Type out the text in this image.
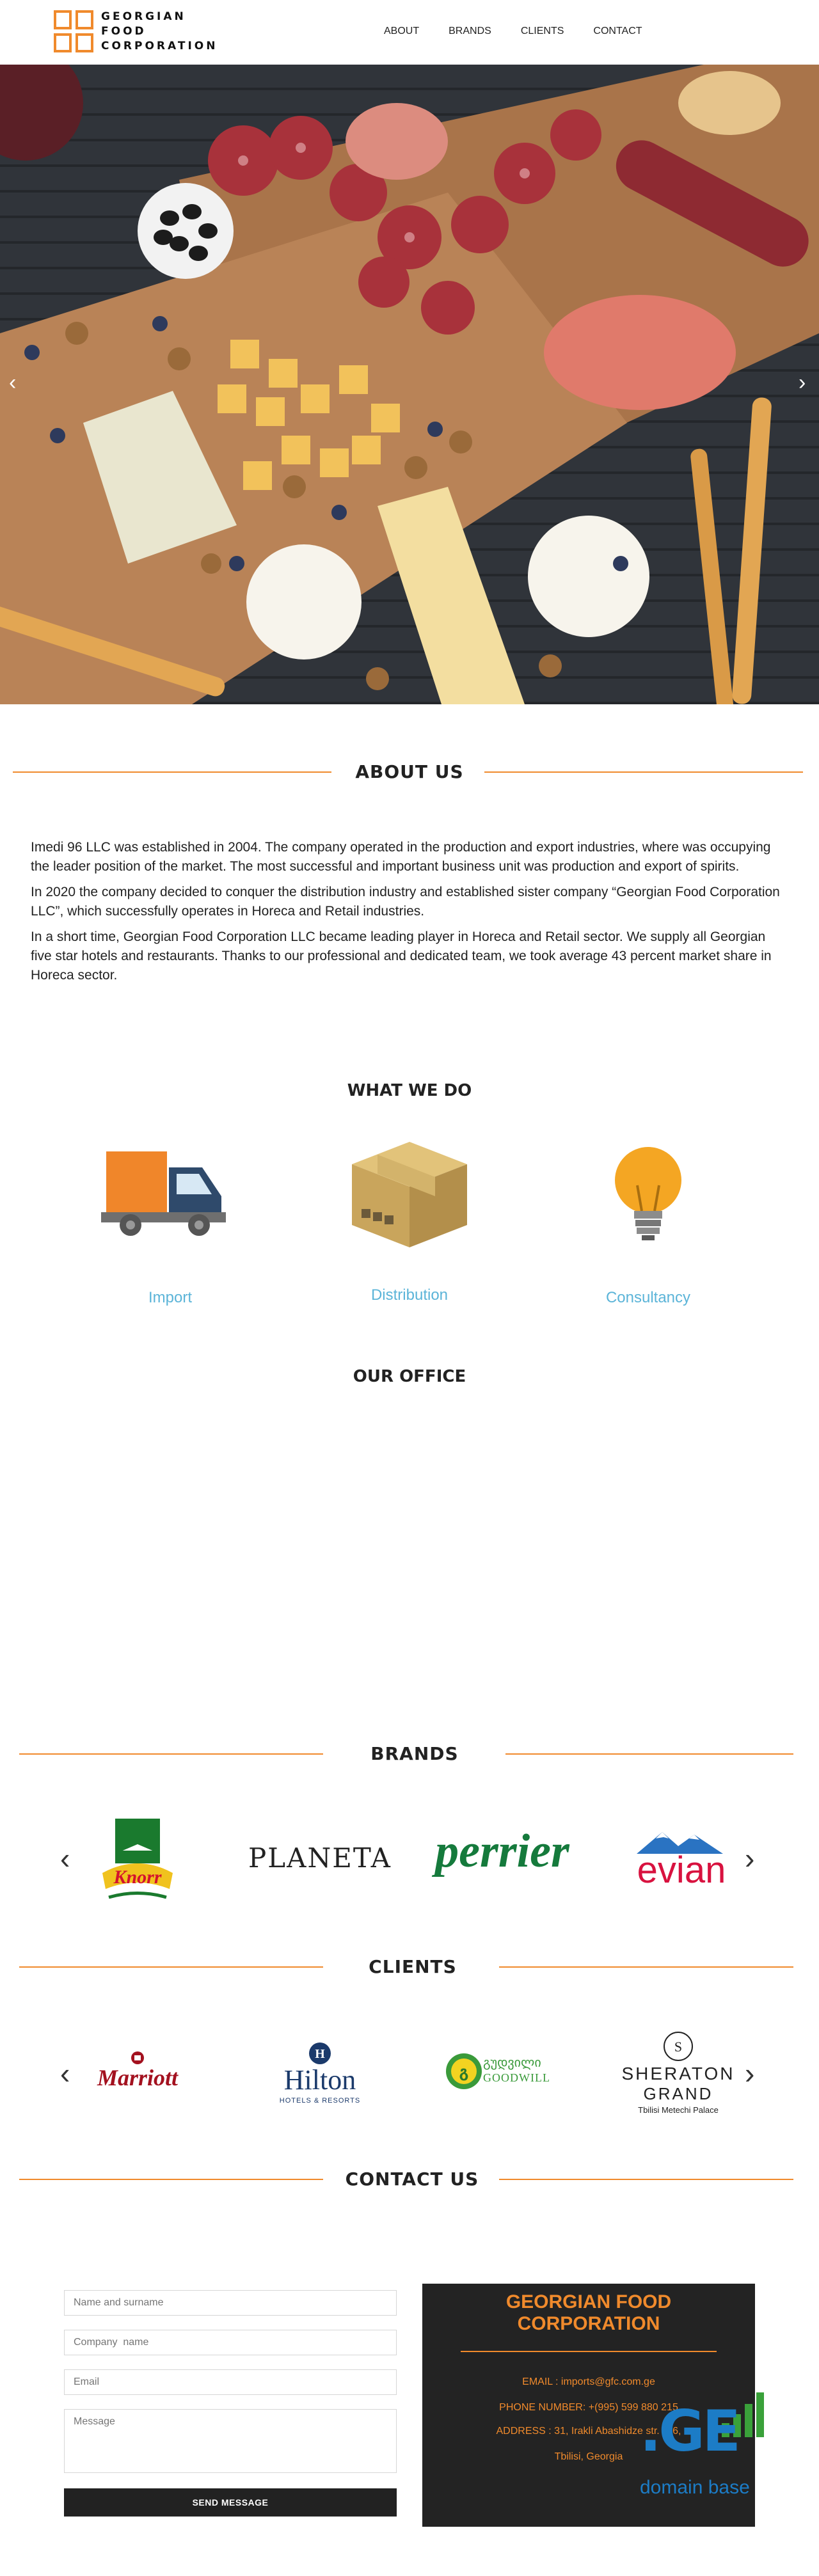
GEORGIAN
FOOD
CORPORATION
ABOUT	BRANDS	CLIENTS	CONTACT
‹	›
ABOUT US

Imedi 96 LLC was established in 2004. The company operated in the production and export industries, where was occupying the leader position of the market. The most successful and important business unit was production and export of spirits.

In 2020 the company decided to conquer the distribution industry and established sister company “Georgian Food Corporation LLC”, which successfully operates in Horeca and Retail industries.

In a short time, Georgian Food Corporation LLC became leading player in Horeca and Retail sector. We supply all Georgian five star hotels and restaurants. Thanks to our professional and dedicated team, we took average 43 percent market share in Horeca sector.

WHAT WE DO
Import	Distribution	Consultancy
OUR OFFICE
BRANDS
‹	›
Knorr
PLANETA perrier	evian
CLIENTS
‹	›
Marriott
H
Hilton
HOTELS & RESORTS
გ
გუდვილი
GOODWILL
S
SHERATON
GRAND
Tbilisi Metechi Palace
CONTACT US
Name and surname
Company name
Email
Message
SEND MESSAGE
GEORGIAN FOOD
CORPORATION
EMAIL : imports@gfc.com.ge
PHONE NUMBER: +(995) 599 880 215
ADDRESS : 31, Irakli Abashidze str. N 6,
Tbilisi, Georgia .GE
domain base
